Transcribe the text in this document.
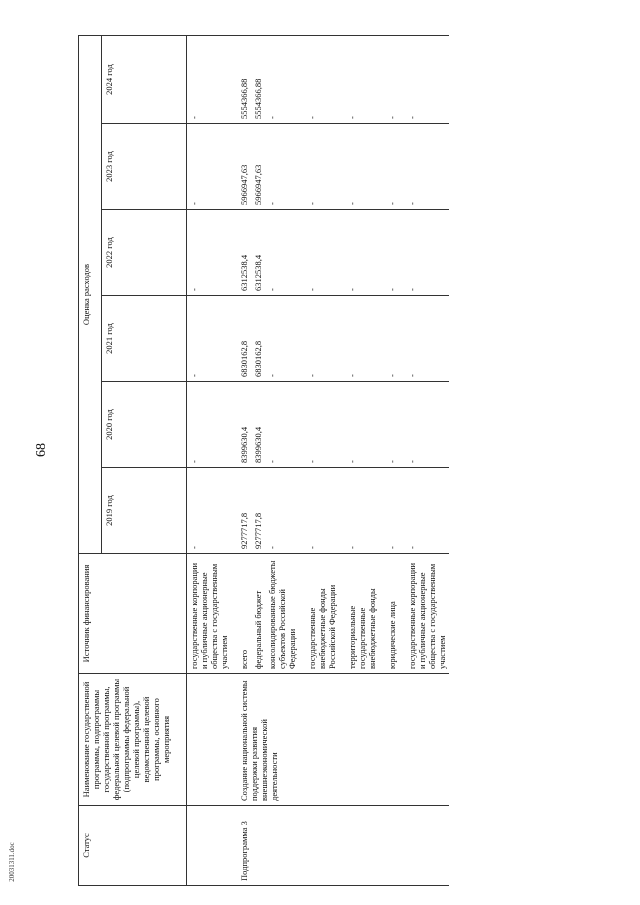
68
20031311.doc	Статус	Наименование государственной программы, подпрограммы государственной программы, федеральной целевой программы (подпрограммы федеральной целевой программы), ведомственной целевой программы, основного мероприятия	Источник финансирования	Оценка расходов					
			2019 год	2020 год	2021 год	2022 год	2023 год	2024 год
		государственные корпорации и публичные акционерные общества с государственным участием	-	-	-	-	-	-
Подпрограмма 3	Создание национальной системы поддержки развития внешнеэкономической деятельности	всего	9277717,8	8399630,4	6830162,8	6312538,4	5966947,63	5554366,88
		федеральный бюджет	9277717,8	8399630,4	6830162,8	6312538,4	5966947,63	5554366,88
		консолидированные бюджеты субъектов Российской Федерации	-	-	-	-	-	-
		государственные внебюджетные фонды Российской Федерации	-	-	-	-	-	-
		территориальные государственные внебюджетные фонды	-	-	-	-	-	-
		юридические лица	-	-	-	-	-	-
		государственные корпорации и публичные акционерные общества с государственным участием	-	-	-	-	-	-
